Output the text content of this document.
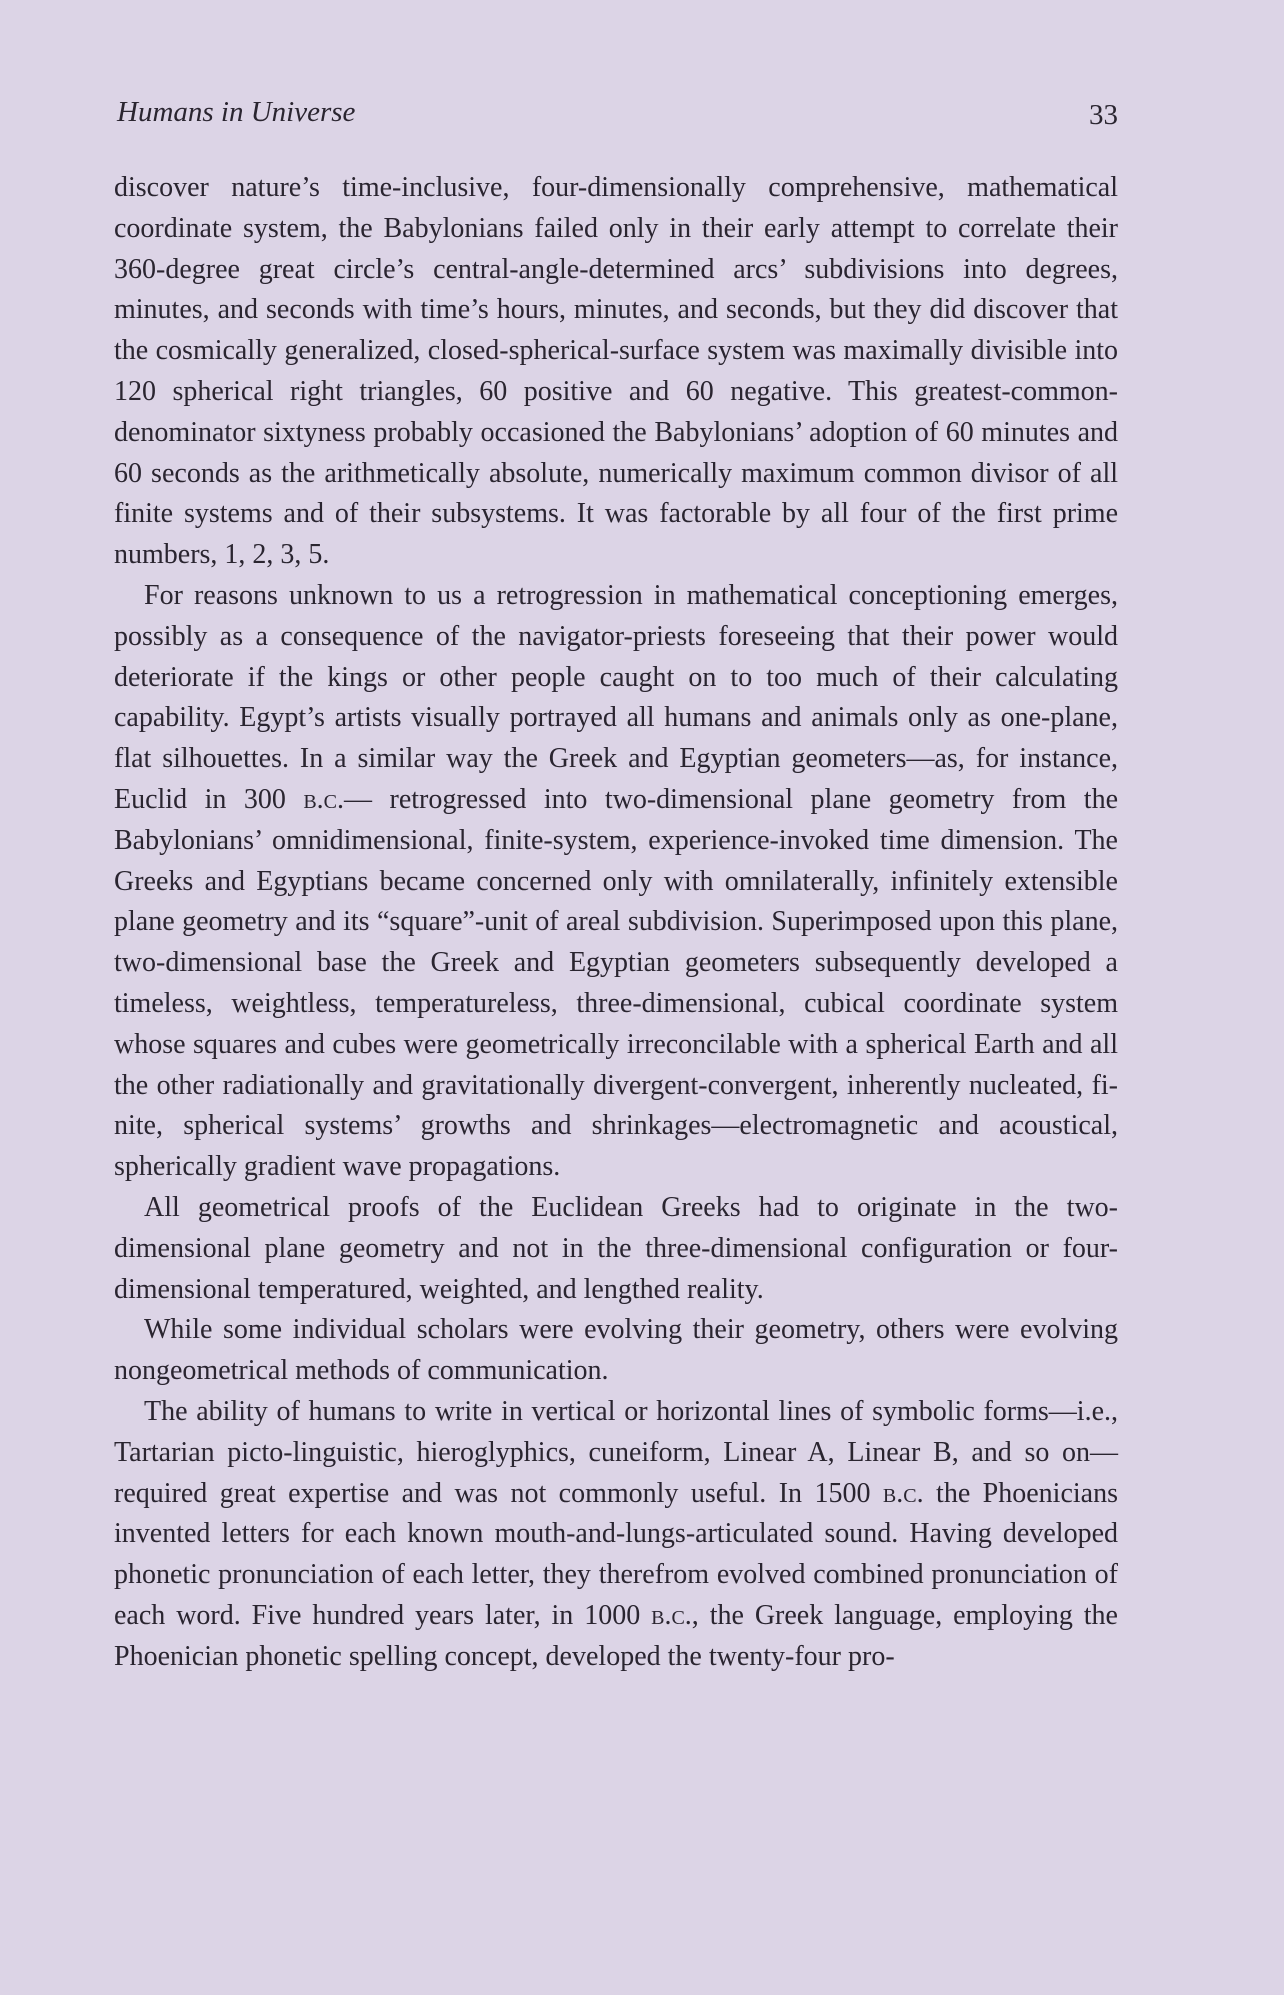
Humans in Universe	33

discover nature’s time-inclusive, four-dimensionally comprehensive, mathematical coordinate system, the Babylonians failed only in their early attempt to correlate their 360-degree great circle’s central-angle-determined arcs’ subdivisions into degrees, minutes, and seconds with time’s hours, minutes, and seconds, but they did discover that the cosmically generalized, closed-spherical-surface system was maximally divisible into 120 spherical right triangles, 60 positive and 60 negative. This greatest-common-denominator sixtyness probably occasioned the Babylonians’ adoption of 60 minutes and 60 seconds as the arithmetically absolute, numerically maximum common divisor of all finite systems and of their subsystems. It was factorable by all four of the first prime numbers, 1, 2, 3, 5.

For reasons unknown to us a retrogression in mathematical conceptioning emerges, possibly as a consequence of the navigator-priests foreseeing that their power would deteriorate if the kings or other people caught on to too much of their calculating capability. Egypt’s artists visually portrayed all humans and animals only as one-plane, flat silhouettes. In a similar way the Greek and Egyptian geometers—as, for instance, Euclid in 300 b.c.— retrogressed into two-dimensional plane geometry from the Babylonians’ omnidimensional, finite-system, experience-invoked time dimension. The Greeks and Egyptians became concerned only with omnilaterally, infinitely extensible plane geometry and its “square”-unit of areal subdivision. Superimposed upon this plane, two-dimensional base the Greek and Egyptian geometers subsequently developed a timeless, weightless, temperatureless, three-dimensional, cubical coordinate system whose squares and cubes were geometrically irreconcilable with a spherical Earth and all the other radiationally and gravitationally divergent-convergent, inherently nucleated, finite, spherical systems’ growths and shrinkages—electromagnetic and acoustical, spherically gradient wave propagations.

All geometrical proofs of the Euclidean Greeks had to originate in the two-dimensional plane geometry and not in the three-dimensional configuration or four-dimensional temperatured, weighted, and lengthed reality.

While some individual scholars were evolving their geometry, others were evolving nongeometrical methods of communication.

The ability of humans to write in vertical or horizontal lines of symbolic forms—i.e., Tartarian picto-linguistic, hieroglyphics, cuneiform, Linear A, Linear B, and so on—required great expertise and was not commonly useful. In 1500 b.c. the Phoenicians invented letters for each known mouth-and-lungs-articulated sound. Having developed phonetic pronunciation of each letter, they therefrom evolved combined pronunciation of each word. Five hundred years later, in 1000 b.c., the Greek language, employing the Phoenician phonetic spelling concept, developed the twenty-four pro-
